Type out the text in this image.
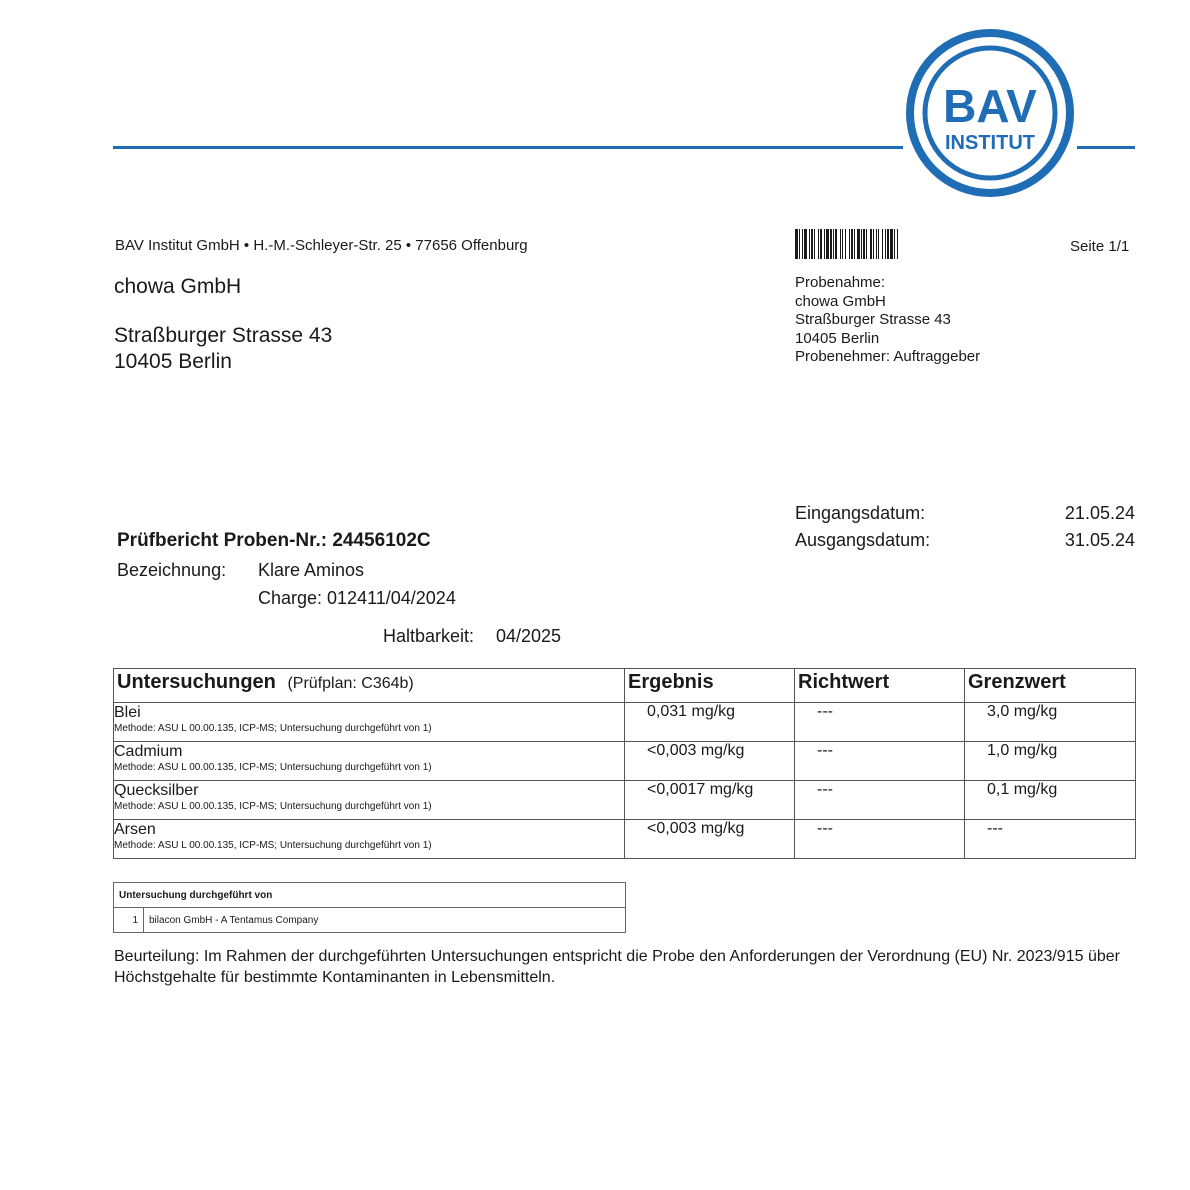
BAV
INSTITUT
BAV Institut GmbH • H.-M.-Schleyer-Str. 25 • 77656 Offenburg
chowa GmbH
Straßburger Strasse 43
10405 Berlin
Seite 1/1
Probenahme:
chowa GmbH
Straßburger Strasse 43
10405 Berlin
Probenehmer: Auftraggeber
Eingangsdatum:	21.05.24
Ausgangsdatum:	31.05.24
Prüfbericht Proben-Nr.: 24456102C
Bezeichnung: Klare Aminos
Charge: 012411/04/2024
Haltbarkeit: 04/2025
Untersuchungen (Prüfplan: C364b)	Ergebnis	Richtwert	Grenzwert

Blei
Methode: ASU L 00.00.135, ICP-MS; Untersuchung durchgeführt von 1)	0,031 mg/kg	---	3,0 mg/kg

Cadmium
Methode: ASU L 00.00.135, ICP-MS; Untersuchung durchgeführt von 1)	<0,003 mg/kg	---	1,0 mg/kg

Quecksilber
Methode: ASU L 00.00.135, ICP-MS; Untersuchung durchgeführt von 1)	<0,0017 mg/kg	---	0,1 mg/kg

Arsen
Methode: ASU L 00.00.135, ICP-MS; Untersuchung durchgeführt von 1)	<0,003 mg/kg	---	---
Untersuchung durchgeführt von
1	bilacon GmbH - A Tentamus Company
Beurteilung: Im Rahmen der durchgeführten Untersuchungen entspricht die Probe den Anforderungen der Verordnung (EU) Nr. 2023/915 über Höchstgehalte für bestimmte Kontaminanten in Lebensmitteln.
